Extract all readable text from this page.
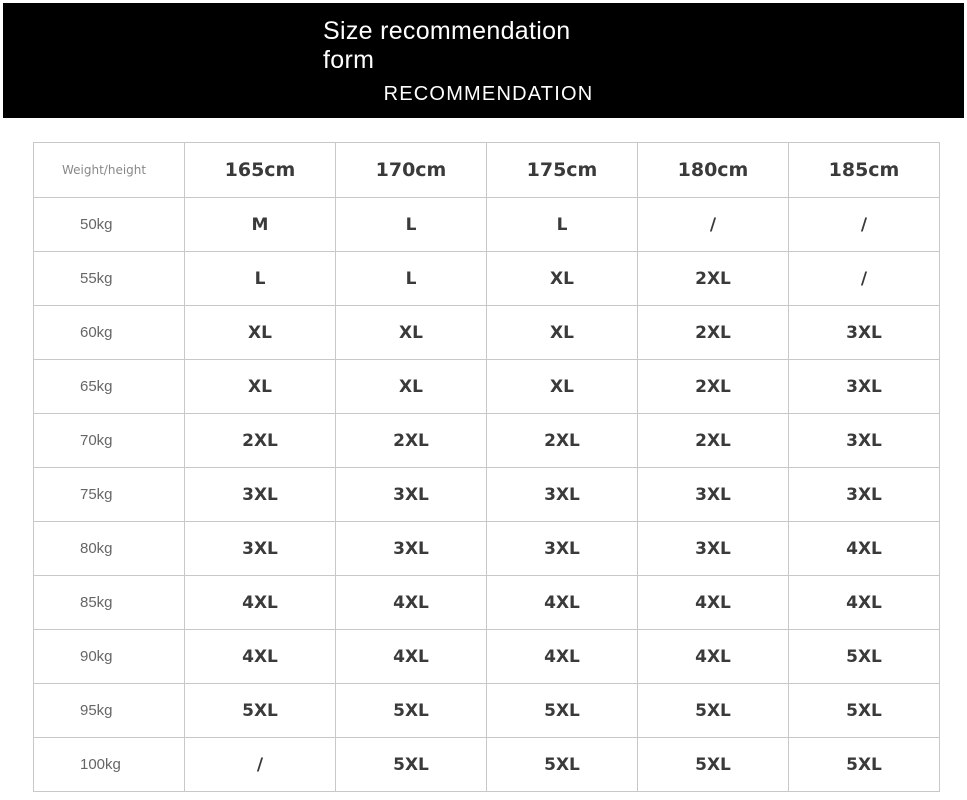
Size recommendation form
RECOMMENDATION
Weight/height	165cm	170cm	175cm	180cm	185cm
50kg	M	L	L	/	/
55kg	L	L	XL	2XL	/
60kg	XL	XL	XL	2XL	3XL
65kg	XL	XL	XL	2XL	3XL
70kg	2XL	2XL	2XL	2XL	3XL
75kg	3XL	3XL	3XL	3XL	3XL
80kg	3XL	3XL	3XL	3XL	4XL
85kg	4XL	4XL	4XL	4XL	4XL
90kg	4XL	4XL	4XL	4XL	5XL
95kg	5XL	5XL	5XL	5XL	5XL
100kg	/	5XL	5XL	5XL	5XL
